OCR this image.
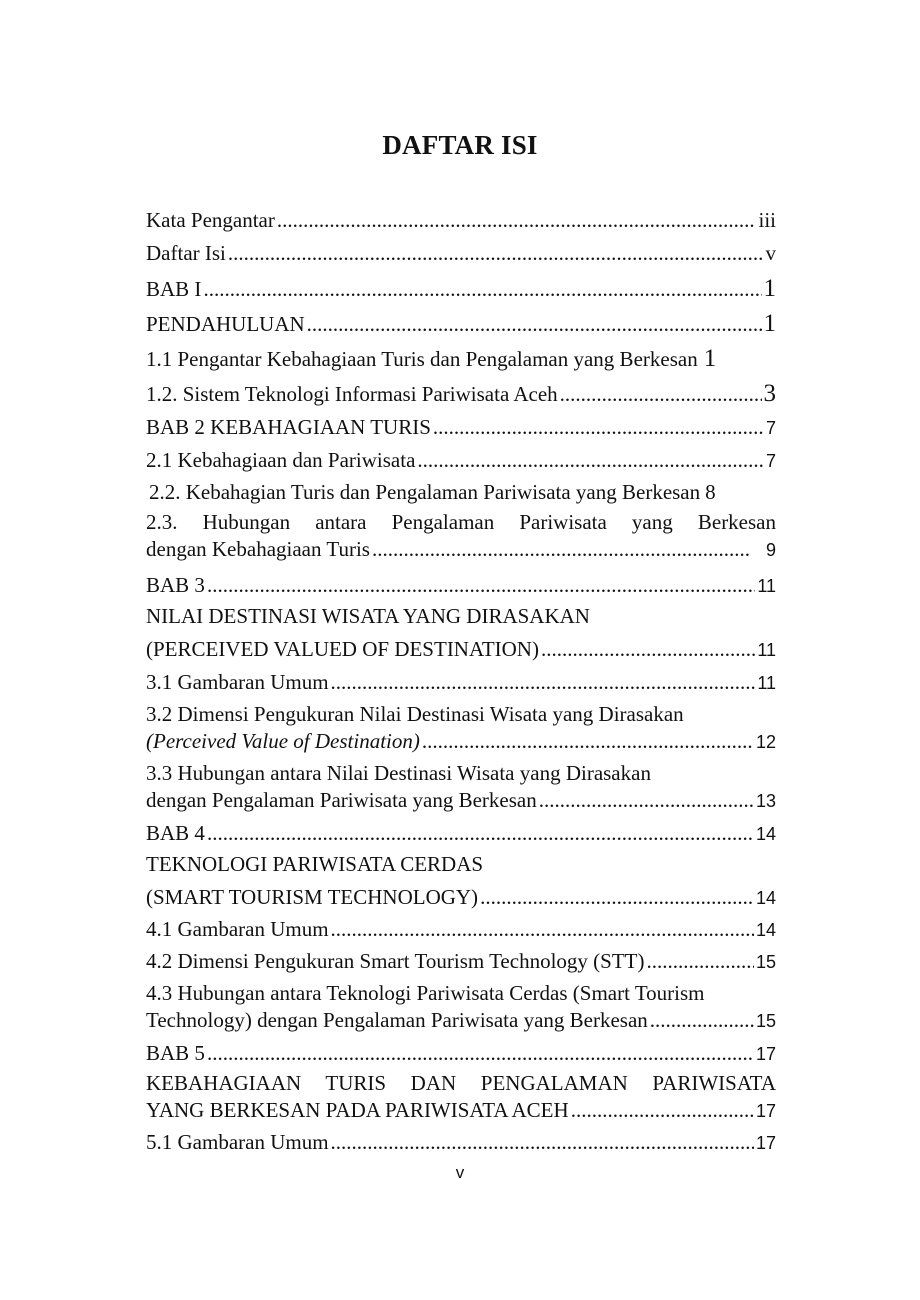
DAFTAR ISI
Kata Pengantar .....	iii
Daftar Isi .....	v
BAB I .....	1
PENDAHULUAN .....	1
1.1 Pengantar Kebahagiaan Turis dan Pengalaman yang Berkesan 1
1.2. Sistem Teknologi Informasi Pariwisata Aceh .....	3
BAB 2 KEBAHAGIAAN TURIS .....	7
2.1 Kebahagiaan dan Pariwisata .....	7
2.2. Kebahagian Turis dan Pengalaman Pariwisata yang Berkesan 8
2.3. Hubungan antara Pengalaman Pariwisata yang Berkesan
dengan Kebahagiaan Turis .....	9
BAB 3 .....	11
NILAI DESTINASI WISATA YANG DIRASAKAN
(PERCEIVED VALUED OF DESTINATION) .....	11
3.1 Gambaran Umum .....	11
3.2 Dimensi Pengukuran Nilai Destinasi Wisata yang Dirasakan
(Perceived Value of Destination) .....	12
3.3 Hubungan antara Nilai Destinasi Wisata yang Dirasakan
dengan Pengalaman Pariwisata yang Berkesan .....	13
BAB 4 .....	14
TEKNOLOGI PARIWISATA CERDAS
(SMART TOURISM TECHNOLOGY) .....	14
4.1 Gambaran Umum .....	14
4.2 Dimensi Pengukuran Smart Tourism Technology (STT) .....	15
4.3 Hubungan antara Teknologi Pariwisata Cerdas (Smart Tourism
Technology) dengan Pengalaman Pariwisata yang Berkesan .....	15
BAB 5 .....	17
KEBAHAGIAAN TURIS DAN PENGALAMAN PARIWISATA
YANG BERKESAN PADA PARIWISATA ACEH .....	17
5.1 Gambaran Umum .....	17
v
